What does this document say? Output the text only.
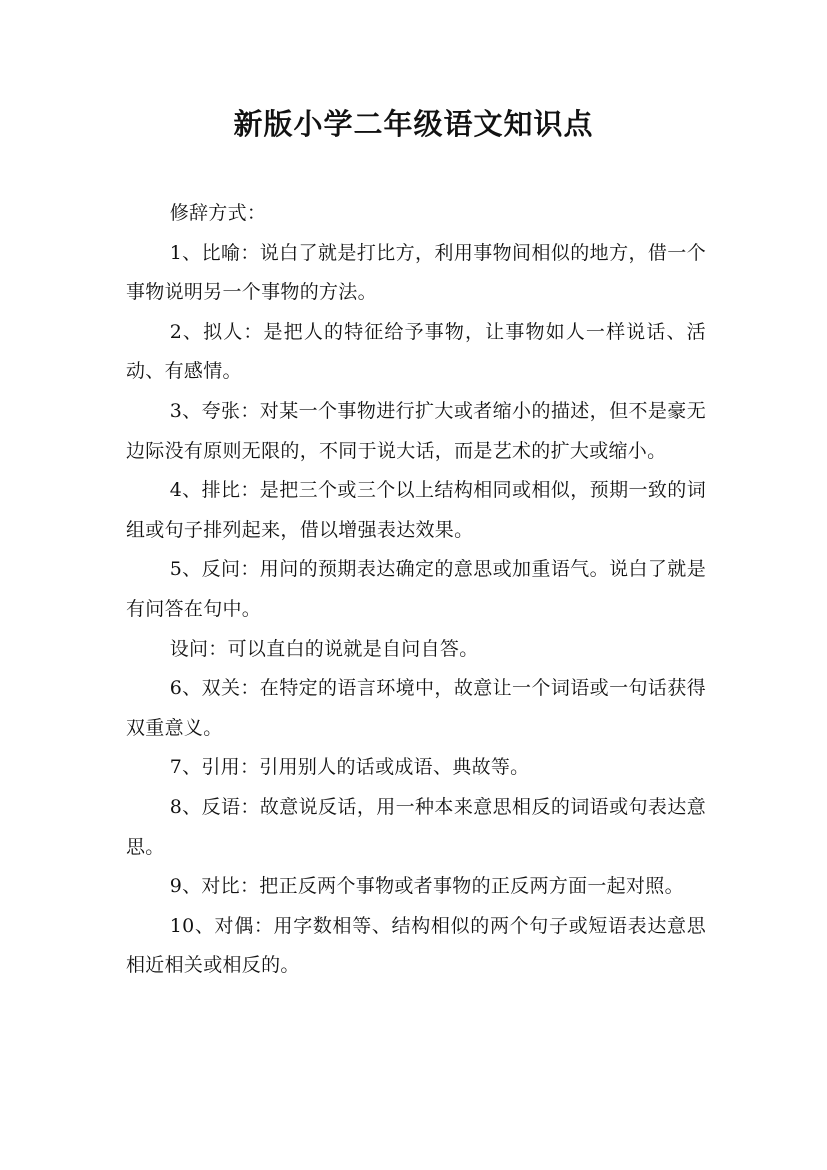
新版小学二年级语文知识点

修辞方式：

1、比喻：说白了就是打比方，利用事物间相似的地方，借一个事物说明另一个事物的方法。

2、拟人：是把人的特征给予事物，让事物如人一样说话、活动、有感情。

3、夸张：对某一个事物进行扩大或者缩小的描述，但不是豪无边际没有原则无限的，不同于说大话，而是艺术的扩大或缩小。

4、排比：是把三个或三个以上结构相同或相似，预期一致的词组或句子排列起来，借以增强表达效果。

5、反问：用问的预期表达确定的意思或加重语气。说白了就是有问答在句中。

设问：可以直白的说就是自问自答。

6、双关：在特定的语言环境中，故意让一个词语或一句话获得双重意义。

7、引用：引用别人的话或成语、典故等。

8、反语：故意说反话，用一种本来意思相反的词语或句表达意思。

9、对比：把正反两个事物或者事物的正反两方面一起对照。

10、对偶：用字数相等、结构相似的两个句子或短语表达意思相近相关或相反的。
